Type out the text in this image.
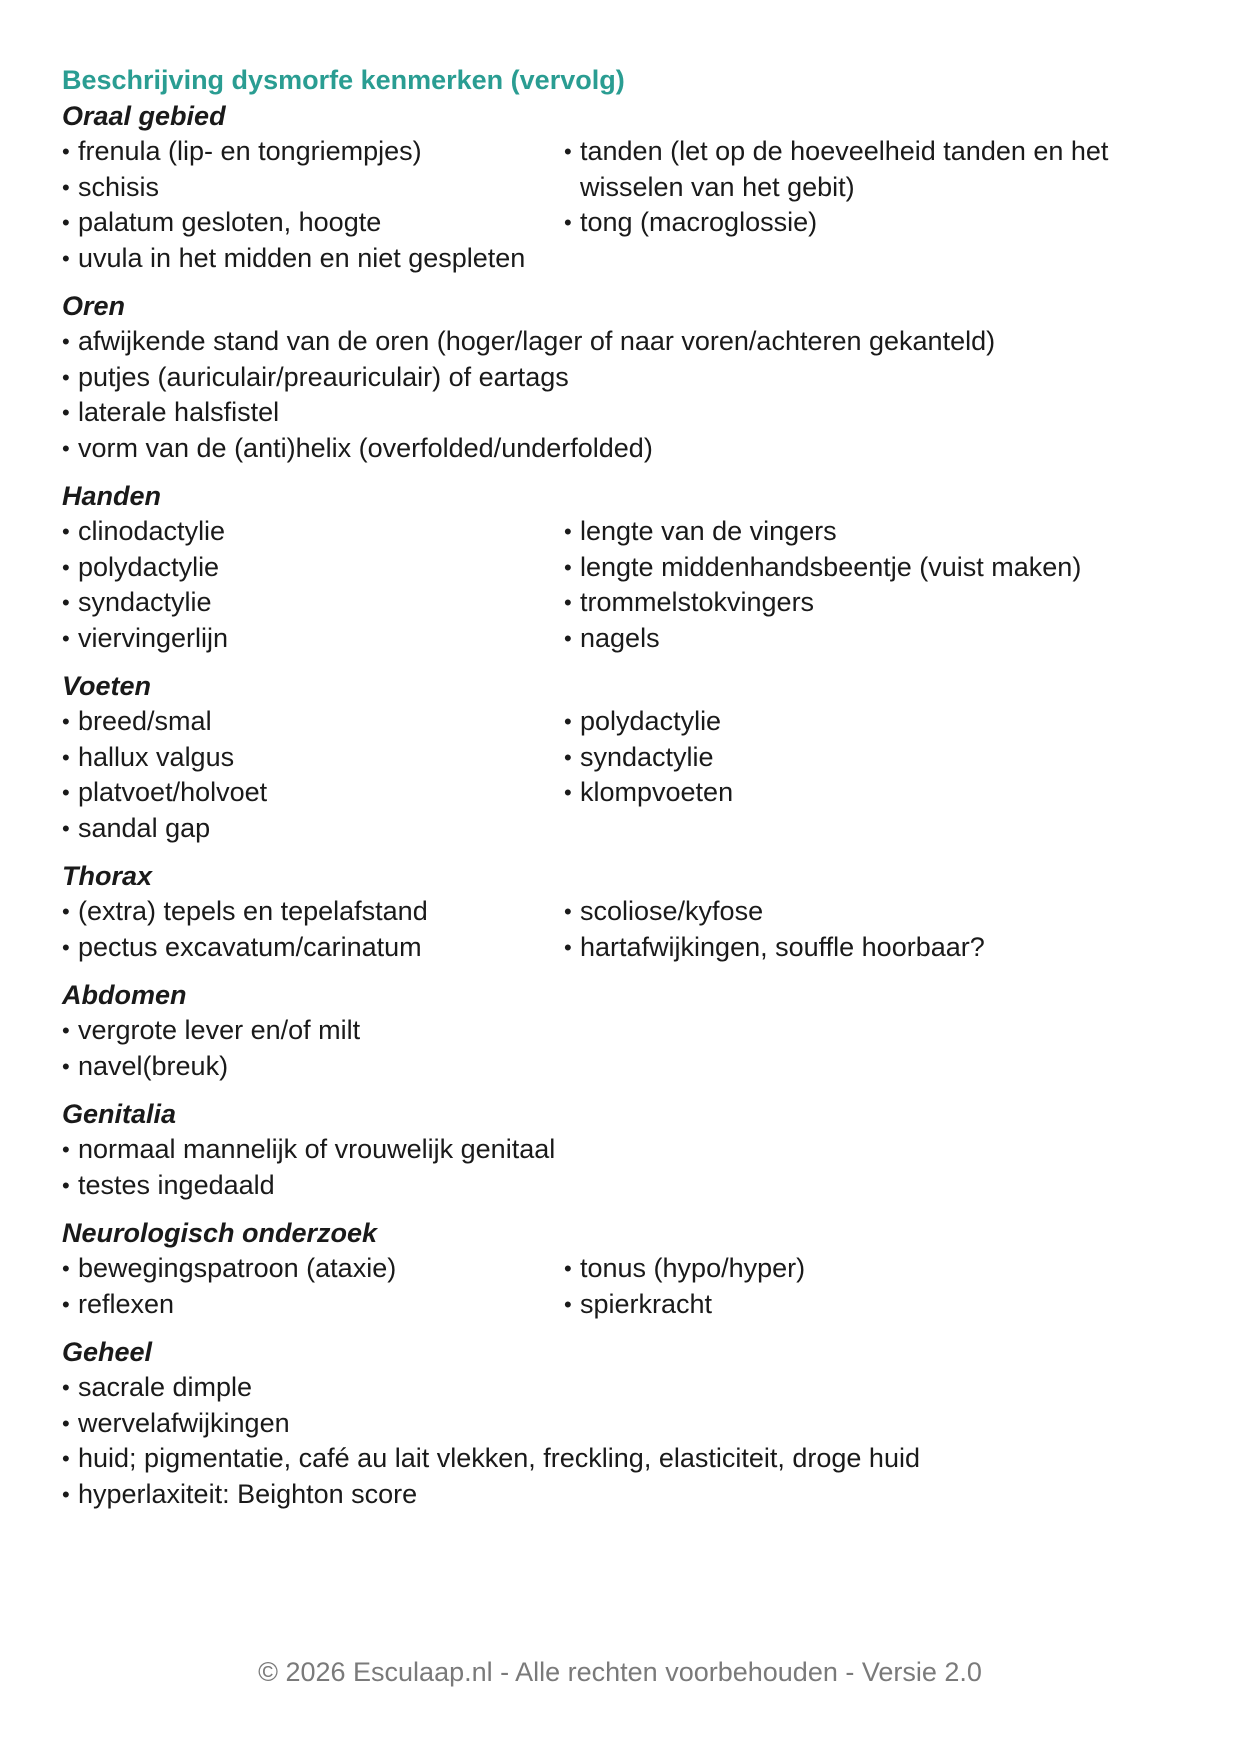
Beschrijving dysmorfe kenmerken (vervolg)
Oraal gebied
• frenula (lip- en tongriempjes)
• schisis
• palatum gesloten, hoogte
• uvula in het midden en niet gespleten
• tanden (let op de hoeveelheid tanden en het wisselen van het gebit)
• tong (macroglossie)
Oren
• afwijkende stand van de oren (hoger/lager of naar voren/achteren gekanteld)
• putjes (auriculair/preauriculair) of eartags
• laterale halsfistel
• vorm van de (anti)helix (overfolded/underfolded)
Handen
• clinodactylie
• polydactylie
• syndactylie
• viervingerlijn
• lengte van de vingers
• lengte middenhandsbeentje (vuist maken)
• trommelstokvingers
• nagels
Voeten
• breed/smal
• hallux valgus
• platvoet/holvoet
• sandal gap
• polydactylie
• syndactylie
• klompvoeten
Thorax
• (extra) tepels en tepelafstand
• pectus excavatum/carinatum
• scoliose/kyfose
• hartafwijkingen, souffle hoorbaar?
Abdomen
• vergrote lever en/of milt
• navel(breuk)
Genitalia
• normaal mannelijk of vrouwelijk genitaal
• testes ingedaald
Neurologisch onderzoek
• bewegingspatroon (ataxie)
• reflexen
• tonus (hypo/hyper)
• spierkracht
Geheel
• sacrale dimple
• wervelafwijkingen
• huid; pigmentatie, café au lait vlekken, freckling, elasticiteit, droge huid
• hyperlaxiteit: Beighton score
© 2026 Esculaap.nl - Alle rechten voorbehouden - Versie 2.0
